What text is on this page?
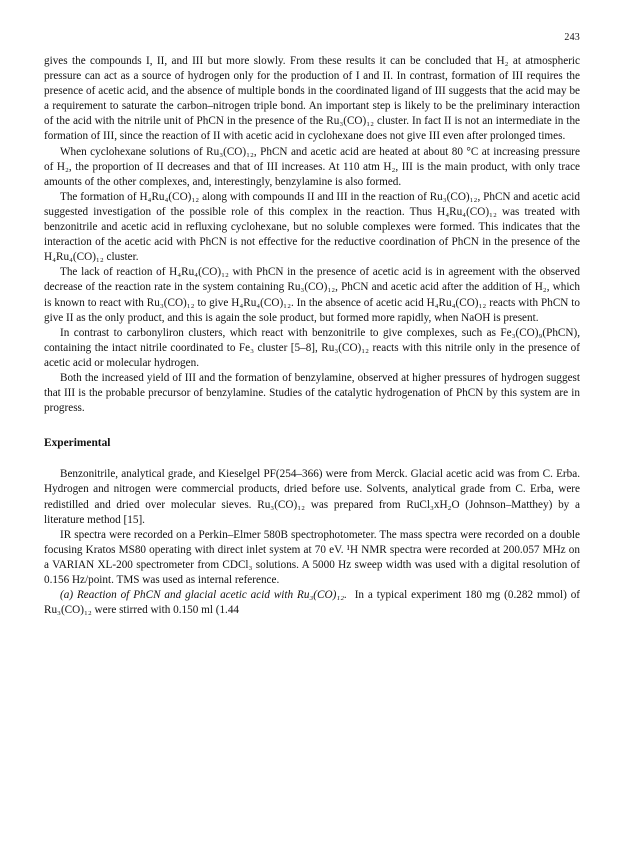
243

gives the compounds I, II, and III but more slowly. From these results it can be concluded that H₂ at atmospheric pressure can act as a source of hydrogen only for the production of I and II. In contrast, formation of III requires the presence of acetic acid, and the absence of multiple bonds in the coordinated ligand of III suggests that the acid may be a requirement to saturate the carbon–nitrogen triple bond. An important step is likely to be the preliminary interaction of the acid with the nitrile unit of PhCN in the presence of the Ru₃(CO)₁₂ cluster. In fact II is not an intermediate in the formation of III, since the reaction of II with acetic acid in cyclohexane does not give III even after prolonged times.

When cyclohexane solutions of Ru₃(CO)₁₂, PhCN and acetic acid are heated at about 80 °C at increasing pressure of H₂, the proportion of II decreases and that of III increases. At 110 atm H₂, III is the main product, with only trace amounts of the other complexes, and, interestingly, benzylamine is also formed.

The formation of H₄Ru₄(CO)₁₂ along with compounds II and III in the reaction of Ru₃(CO)₁₂, PhCN and acetic acid suggested investigation of the possible role of this complex in the reaction. Thus H₄Ru₄(CO)₁₂ was treated with benzonitrile and acetic acid in refluxing cyclohexane, but no soluble complexes were formed. This indicates that the interaction of the acetic acid with PhCN is not effective for the reductive coordination of PhCN in the presence of the H₄Ru₄(CO)₁₂ cluster.

The lack of reaction of H₄Ru₄(CO)₁₂ with PhCN in the presence of acetic acid is in agreement with the observed decrease of the reaction rate in the system containing Ru₃(CO)₁₂, PhCN and acetic acid after the addition of H₂, which is known to react with Ru₃(CO)₁₂ to give H₄Ru₄(CO)₁₂. In the absence of acetic acid H₄Ru₄(CO)₁₂ reacts with PhCN to give II as the only product, and this is again the sole product, but formed more rapidly, when NaOH is present.

In contrast to carbonyliron clusters, which react with benzonitrile to give complexes, such as Fe₃(CO)₉(PhCN), containing the intact nitrile coordinated to Fe₃ cluster [5–8], Ru₃(CO)₁₂ reacts with this nitrile only in the presence of acetic acid or molecular hydrogen.

Both the increased yield of III and the formation of benzylamine, observed at higher pressures of hydrogen suggest that III is the probable precursor of benzylamine. Studies of the catalytic hydrogenation of PhCN by this system are in progress.

Experimental

Benzonitrile, analytical grade, and Kieselgel PF(254–366) were from Merck. Glacial acetic acid was from C. Erba. Hydrogen and nitrogen were commercial products, dried before use. Solvents, analytical grade from C. Erba, were redistilled and dried over molecular sieves. Ru₃(CO)₁₂ was prepared from RuCl₃xH₂O (Johnson–Matthey) by a literature method [15].

IR spectra were recorded on a Perkin–Elmer 580B spectrophotometer. The mass spectra were recorded on a double focusing Kratos MS80 operating with direct inlet system at 70 eV. ¹H NMR spectra were recorded at 200.057 MHz on a VARIAN XL-200 spectrometer from CDCl₃ solutions. A 5000 Hz sweep width was used with a digital resolution of 0.156 Hz/point. TMS was used as internal reference.

(a) Reaction of PhCN and glacial acetic acid with Ru₃(CO)₁₂. In a typical experiment 180 mg (0.282 mmol) of Ru₃(CO)₁₂ were stirred with 0.150 ml (1.44
